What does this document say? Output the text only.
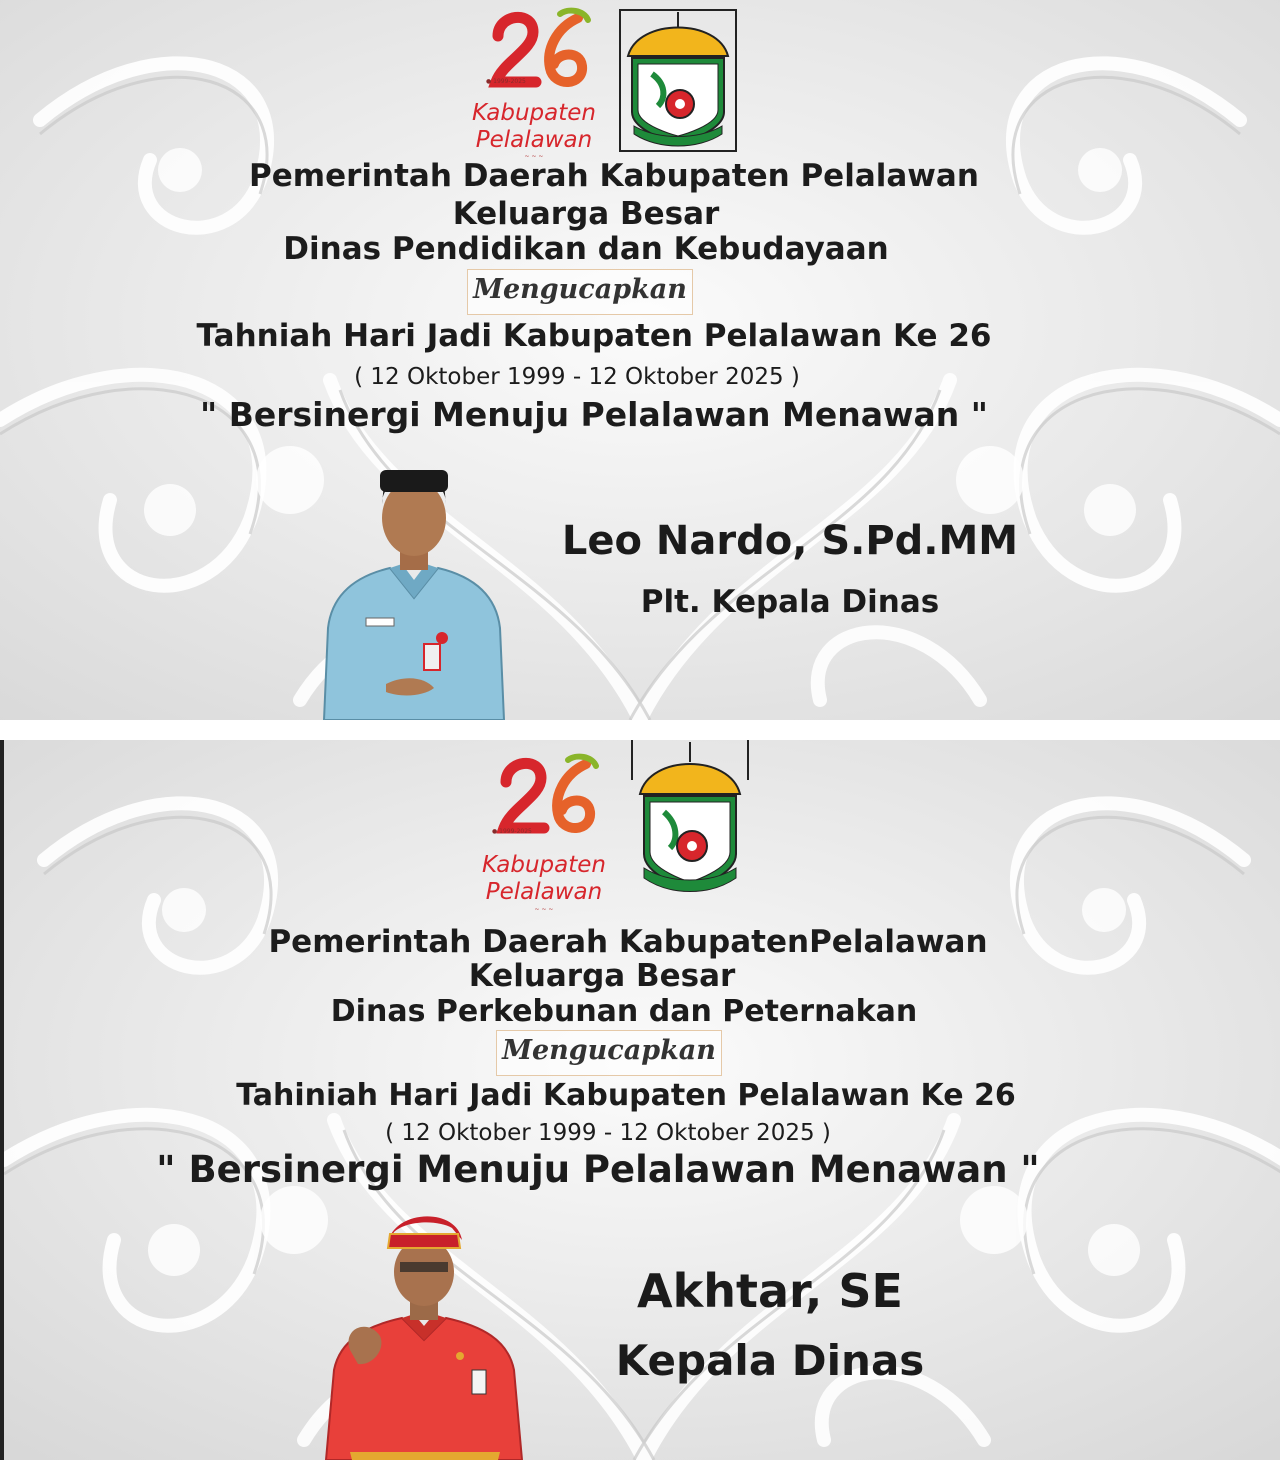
● 1999-2025
Kabupaten
Pelalawan
~ ~ ~
Pemerintah Daerah Kabupaten Pelalawan
Keluarga Besar
Dinas Pendidikan dan Kebudayaan
Mengucapkan
Tahniah Hari Jadi Kabupaten Pelalawan Ke 26
( 12 Oktober 1999 - 12 Oktober 2025 )
" Bersinergi Menuju Pelalawan Menawan "
Leo Nardo, S.Pd.MM
Plt. Kepala Dinas
● 1999-2025
Kabupaten
Pelalawan
~ ~ ~
Pemerintah Daerah KabupatenPelalawan
Keluarga Besar
Dinas Perkebunan dan Peternakan
Mengucapkan
Tahiniah Hari Jadi Kabupaten Pelalawan Ke 26
( 12 Oktober 1999 - 12 Oktober 2025 )
" Bersinergi Menuju Pelalawan Menawan "
Akhtar, SE
Kepala Dinas
